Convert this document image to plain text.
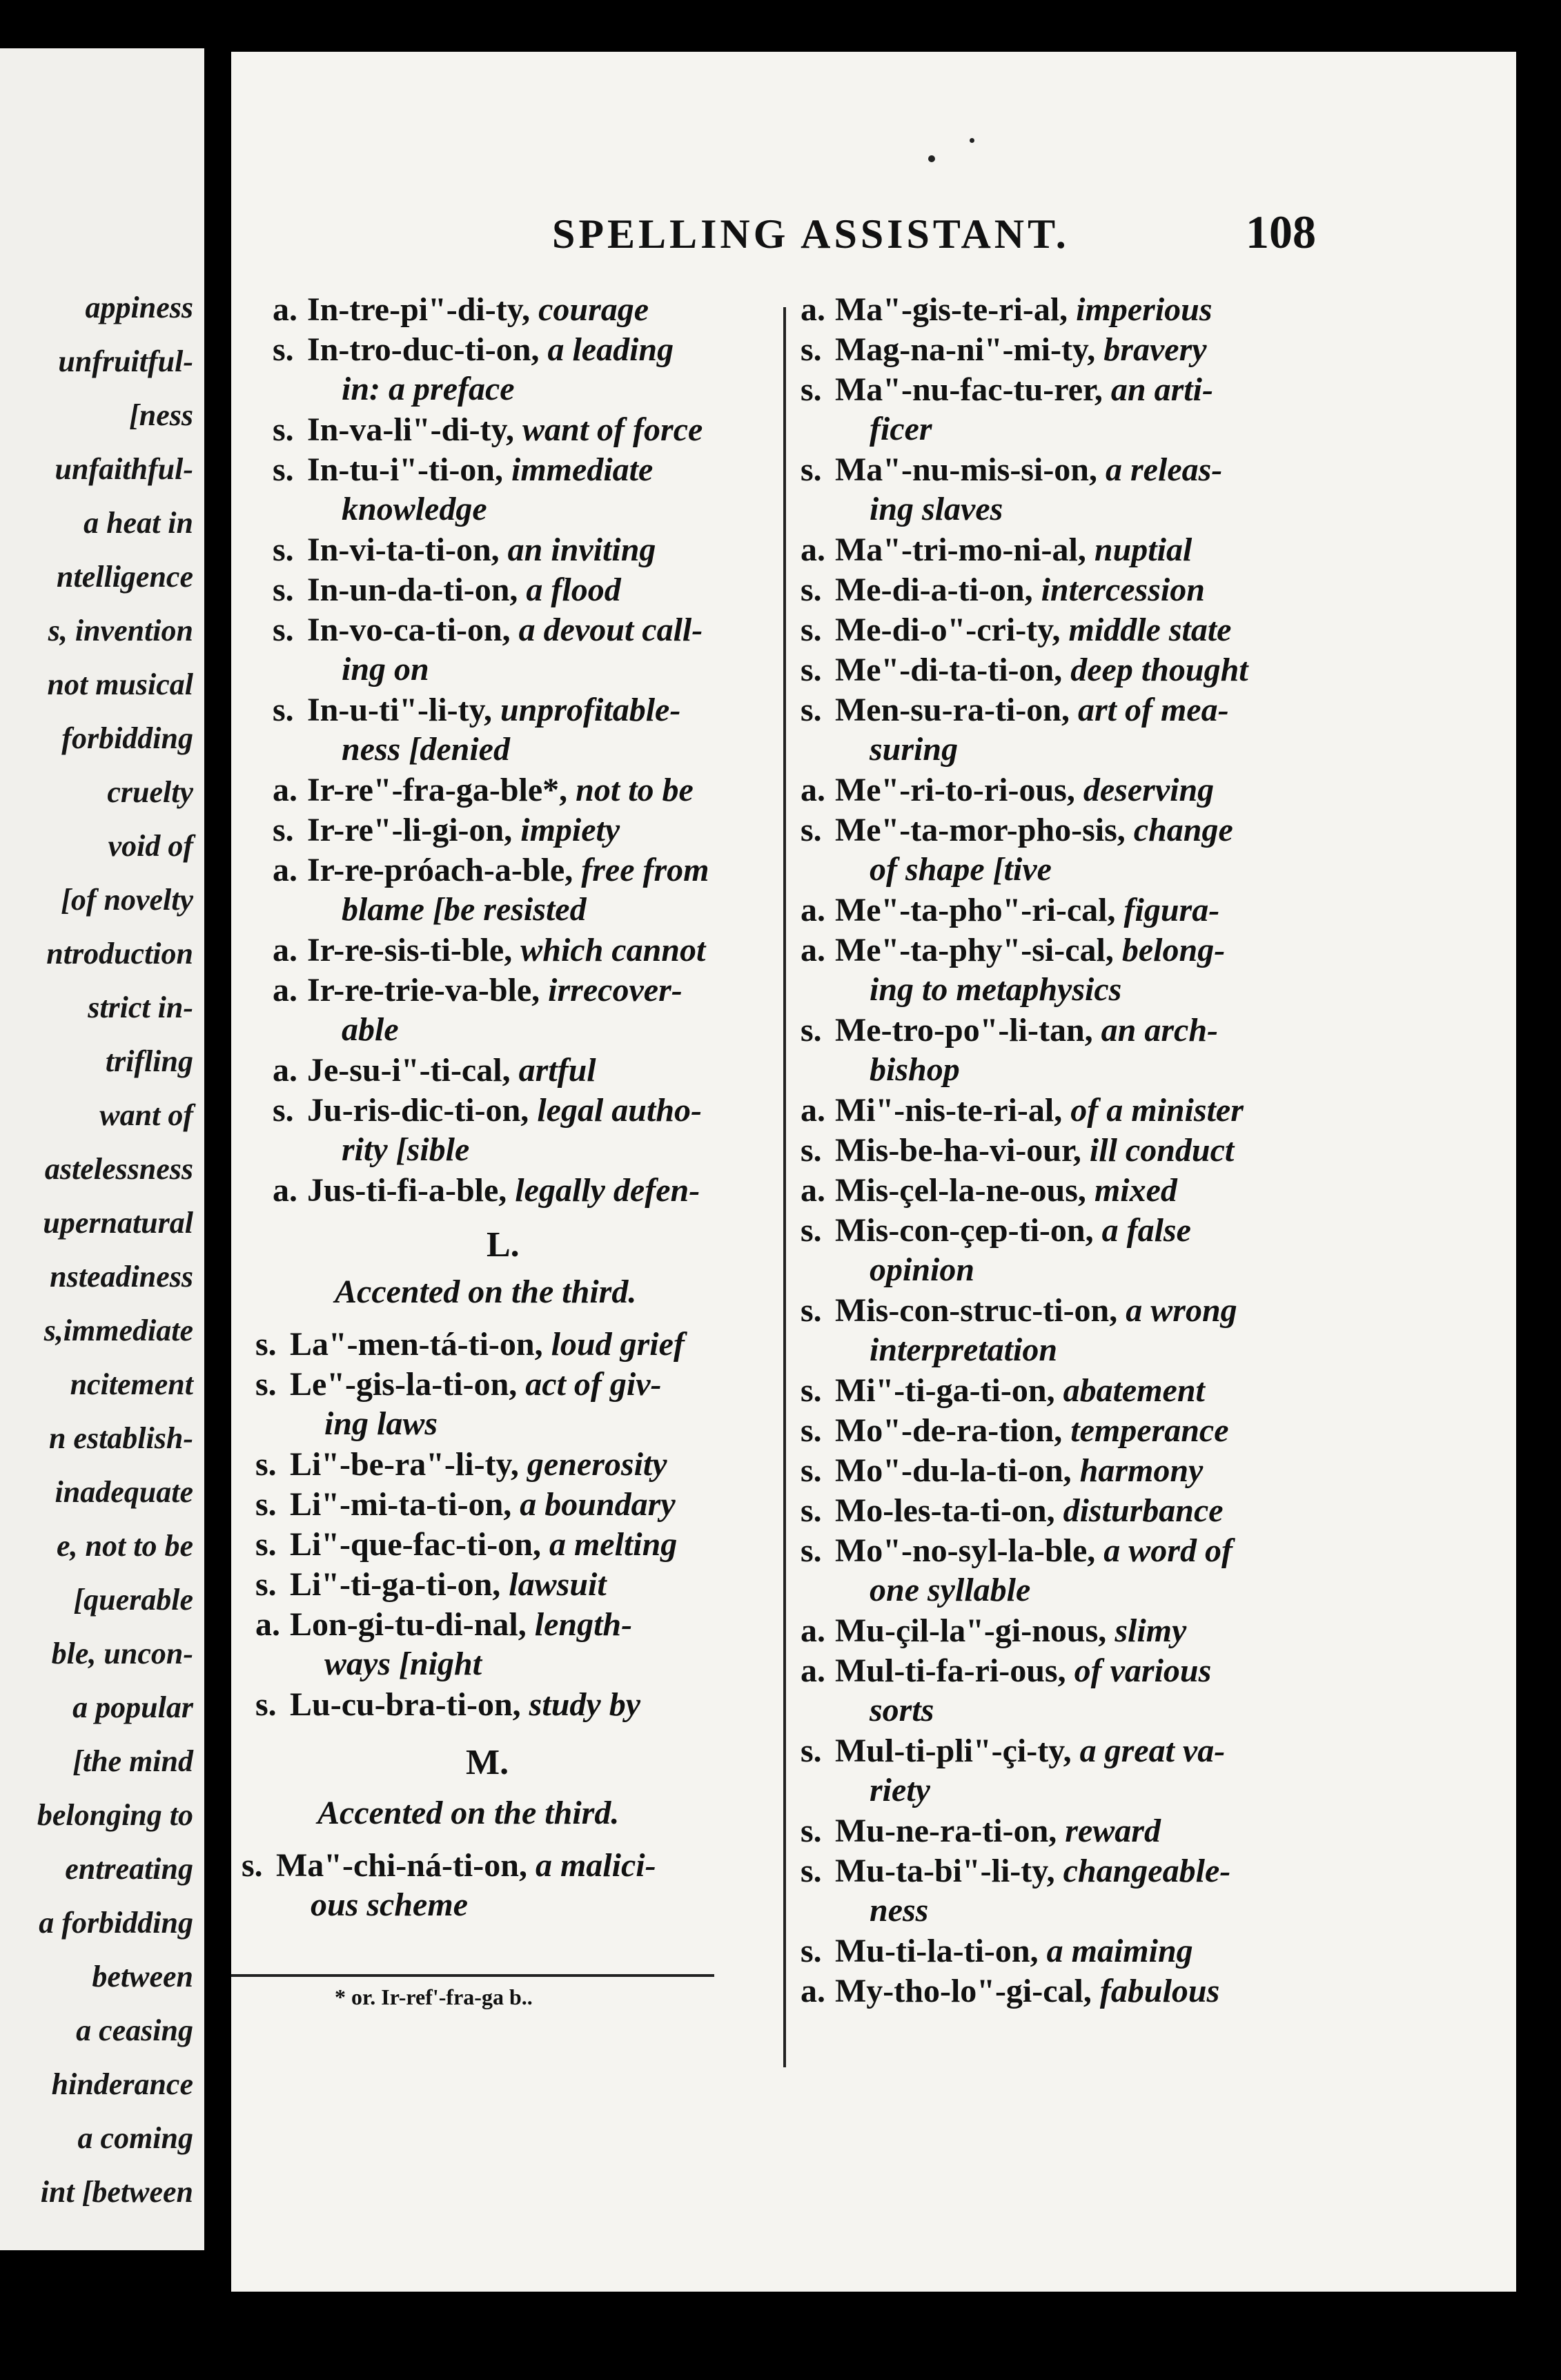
appiness
unfruitful-
[ness
unfaithful-
a heat in
ntelligence
s, invention
not musical
forbidding
cruelty
void of
[of novelty
ntroduction
strict in-
trifling
want of
astelessness
upernatural
nsteadiness
s,immediate
ncitement
n establish-
inadequate
e, not to be
[querable
ble, uncon-
a popular
[the mind
belonging to
entreating
a forbidding
between
a ceasing
hinderance
a coming
int [between
SPELLING ASSISTANT.	108
a. In-tre-pi"-di-ty, courage
s. In-tro-duc-ti-on, a leading
in: a preface
s. In-va-li"-di-ty, want of force
s. In-tu-i"-ti-on, immediate
knowledge
s. In-vi-ta-ti-on, an inviting
s. In-un-da-ti-on, a flood
s. In-vo-ca-ti-on, a devout call-
ing on
s. In-u-ti"-li-ty, unprofitable-
ness [denied
a. Ir-re"-fra-ga-ble*, not to be
s. Ir-re"-li-gi-on, impiety
a. Ir-re-próach-a-ble, free from
blame [be resisted
a. Ir-re-sis-ti-ble, which cannot
a. Ir-re-trie-va-ble, irrecover-
able
a. Je-su-i"-ti-cal, artful
s. Ju-ris-dic-ti-on, legal autho-
rity [sible
a. Jus-ti-fi-a-ble, legally defen-
L.
Accented on the third.
s. La"-men-tá-ti-on, loud grief
s. Le"-gis-la-ti-on, act of giv-
ing laws
s. Li"-be-ra"-li-ty, generosity
s. Li"-mi-ta-ti-on, a boundary
s. Li"-que-fac-ti-on, a melting
s. Li"-ti-ga-ti-on, lawsuit
a. Lon-gi-tu-di-nal, length-
ways [night
s. Lu-cu-bra-ti-on, study by
M.
Accented on the third.
s. Ma"-chi-ná-ti-on, a malici-
ous scheme
a. Ma"-gis-te-ri-al, imperious
s. Mag-na-ni"-mi-ty, bravery
s. Ma"-nu-fac-tu-rer, an arti-
ficer
s. Ma"-nu-mis-si-on, a releas-
ing slaves
a. Ma"-tri-mo-ni-al, nuptial
s. Me-di-a-ti-on, intercession
s. Me-di-o"-cri-ty, middle state
s. Me"-di-ta-ti-on, deep thought
s. Men-su-ra-ti-on, art of mea-
suring
a. Me"-ri-to-ri-ous, deserving
s. Me"-ta-mor-pho-sis, change
of shape [tive
a. Me"-ta-pho"-ri-cal, figura-
a. Me"-ta-phy"-si-cal, belong-
ing to metaphysics
s. Me-tro-po"-li-tan, an arch-
bishop
a. Mi"-nis-te-ri-al, of a minister
s. Mis-be-ha-vi-our, ill conduct
a. Mis-çel-la-ne-ous, mixed
s. Mis-con-çep-ti-on, a false
opinion
s. Mis-con-struc-ti-on, a wrong
interpretation
s. Mi"-ti-ga-ti-on, abatement
s. Mo"-de-ra-tion, temperance
s. Mo"-du-la-ti-on, harmony
s. Mo-les-ta-ti-on, disturbance
s. Mo"-no-syl-la-ble, a word of
one syllable
a. Mu-çil-la"-gi-nous, slimy
a. Mul-ti-fa-ri-ous, of various
sorts
s. Mul-ti-pli"-çi-ty, a great va-
riety
s. Mu-ne-ra-ti-on, reward
s. Mu-ta-bi"-li-ty, changeable-
ness
s. Mu-ti-la-ti-on, a maiming
a. My-tho-lo"-gi-cal, fabulous
* or. Ir-ref'-fra-ga b..
